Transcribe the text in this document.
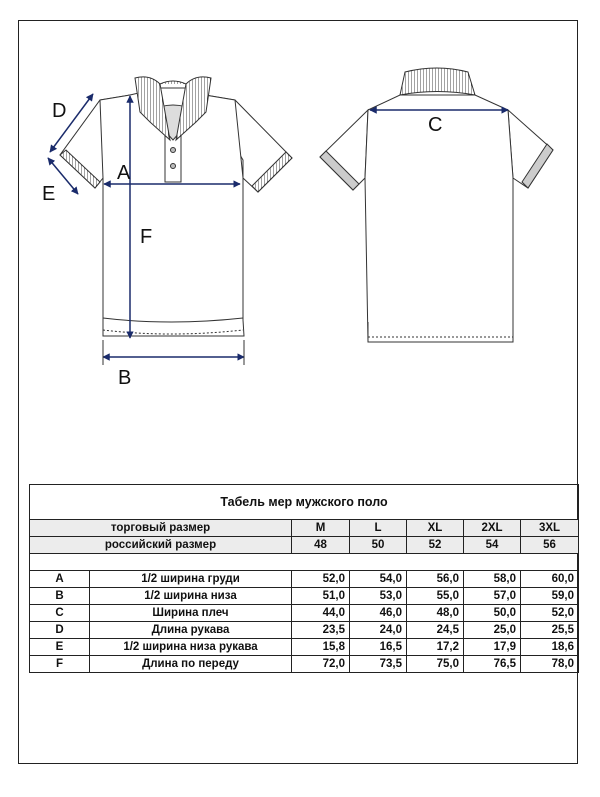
A
B
C
D
E
F
Табель мер мужского поло						
торговый размер		M	L	XL	2XL	3XL
российский размер		48	50	52	54	56

A	1/2 ширина груди	52,0	54,0	56,0	58,0	60,0
B	1/2 ширина низа	51,0	53,0	55,0	57,0	59,0
C	Ширина плеч	44,0	46,0	48,0	50,0	52,0
D	Длина рукава	23,5	24,0	24,5	25,0	25,5
E	1/2 ширина низа рукава	15,8	16,5	17,2	17,9	18,6
F	Длина по переду	72,0	73,5	75,0	76,5	78,0
